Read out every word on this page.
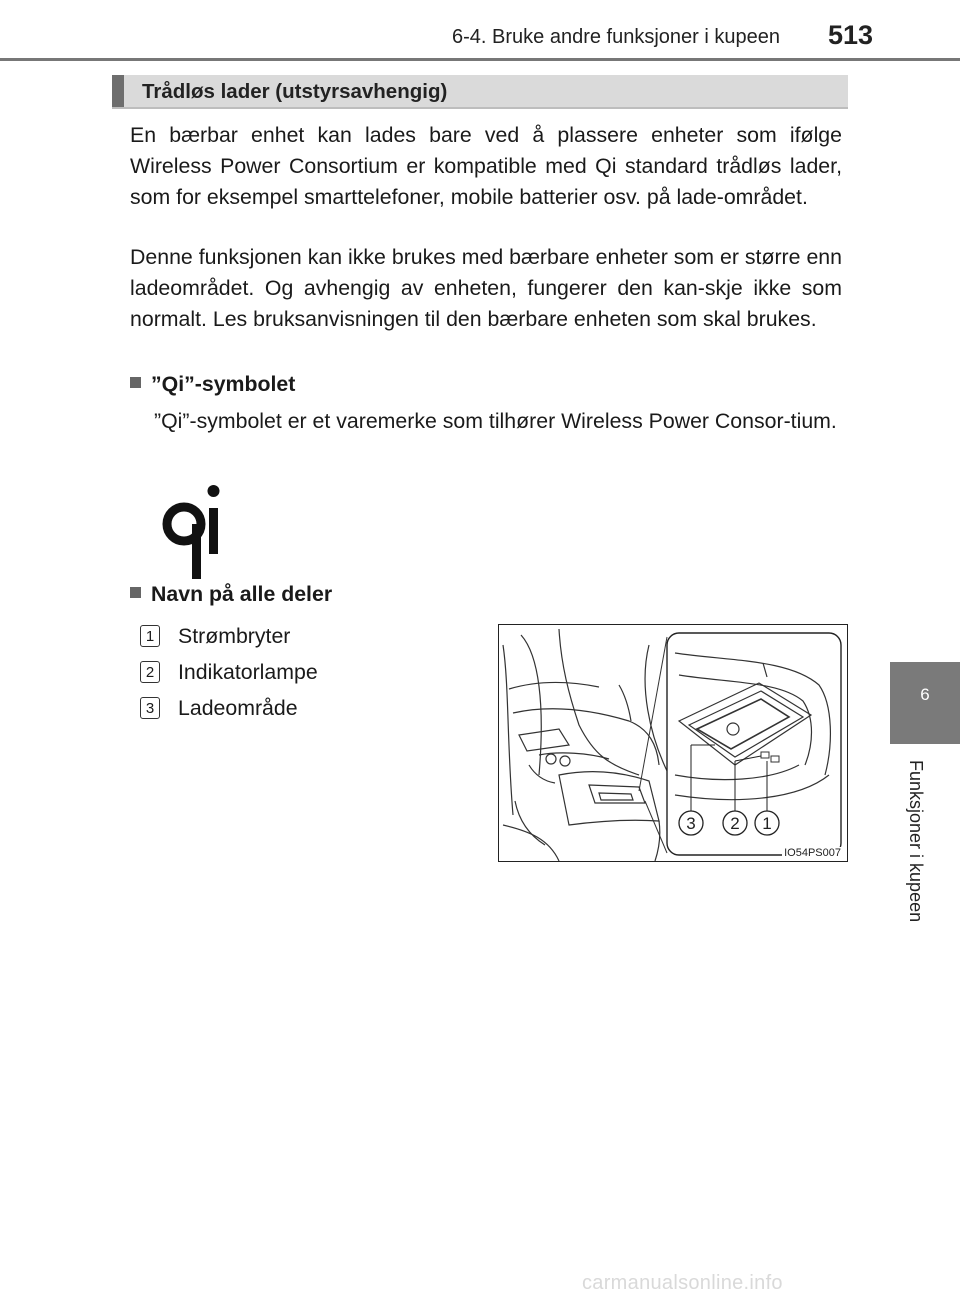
6-4. Bruke andre funksjoner i kupeen 513
6
Funksjoner i kupeen
Trådløs lader (utstyrsavhengig)

En bærbar enhet kan lades bare ved å plassere enheter som ifølge Wireless Power Consortium er kompatible med Qi standard trådløs lader, som for eksempel smarttelefoner, mobile batterier osv. på lade-området.

Denne funksjonen kan ikke brukes med bærbare enheter som er større enn ladeområdet. Og avhengig av enheten, fungerer den kan-skje ikke som normalt. Les bruksanvisningen til den bærbare enheten som skal brukes.

”Qi”-symbolet
”Qi”-symbolet er et varemerke som tilhører Wireless Power Consor-tium.
Navn på alle deler
1 Strømbryter
2 Indikatorlampe
3 Ladeområde
3 2 1
IO54PS007
carmanualsonline.info
